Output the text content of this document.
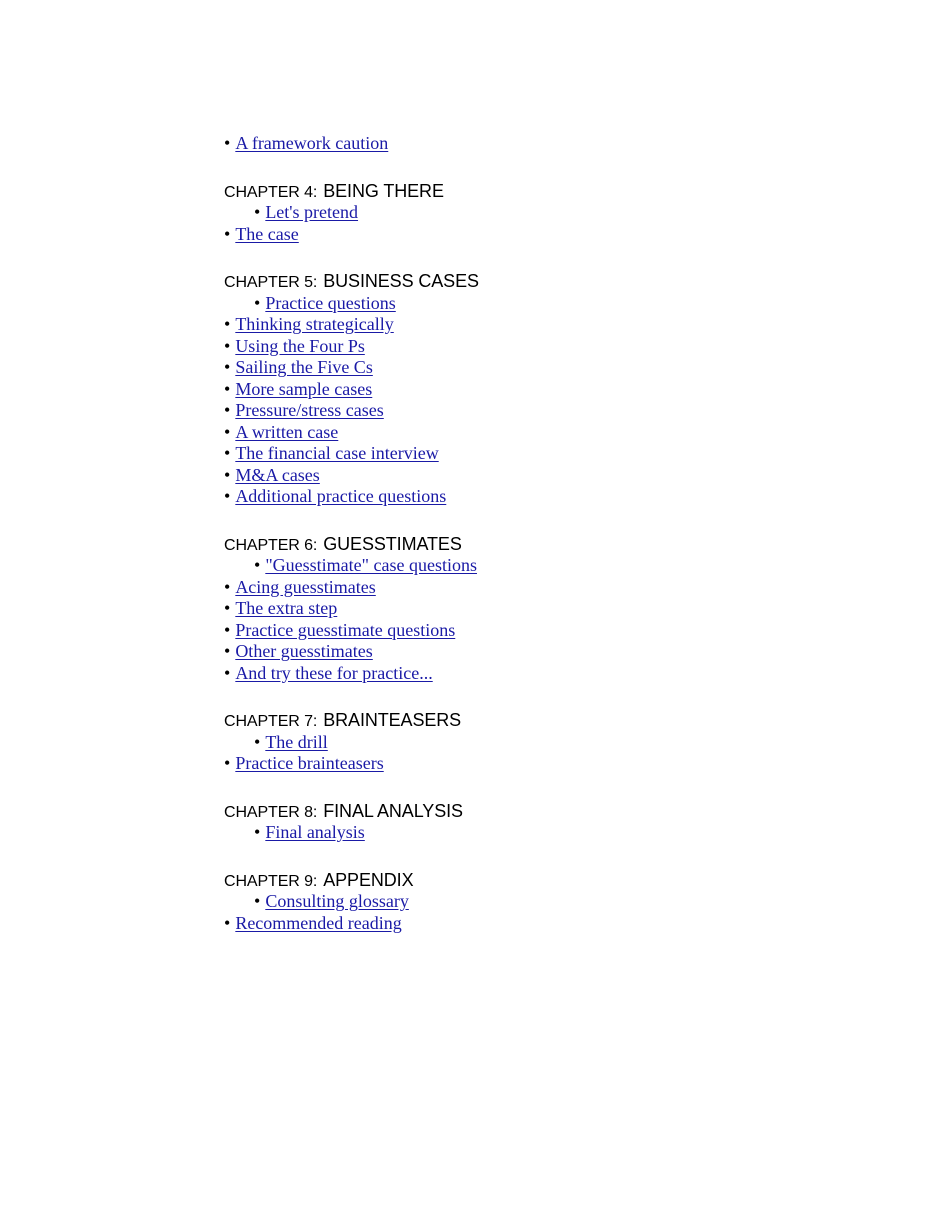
• A framework caution
CHAPTER 4: BEING THERE
• Let's pretend
• The case
CHAPTER 5: BUSINESS CASES
• Practice questions
• Thinking strategically
• Using the Four Ps
• Sailing the Five Cs
• More sample cases
• Pressure/stress cases
• A written case
• The financial case interview
• M&A cases
• Additional practice questions
CHAPTER 6: GUESSTIMATES
• "Guesstimate" case questions
• Acing guesstimates
• The extra step
• Practice guesstimate questions
• Other guesstimates
• And try these for practice...
CHAPTER 7: BRAINTEASERS
• The drill
• Practice brainteasers
CHAPTER 8: FINAL ANALYSIS
• Final analysis
CHAPTER 9: APPENDIX
• Consulting glossary
• Recommended reading
